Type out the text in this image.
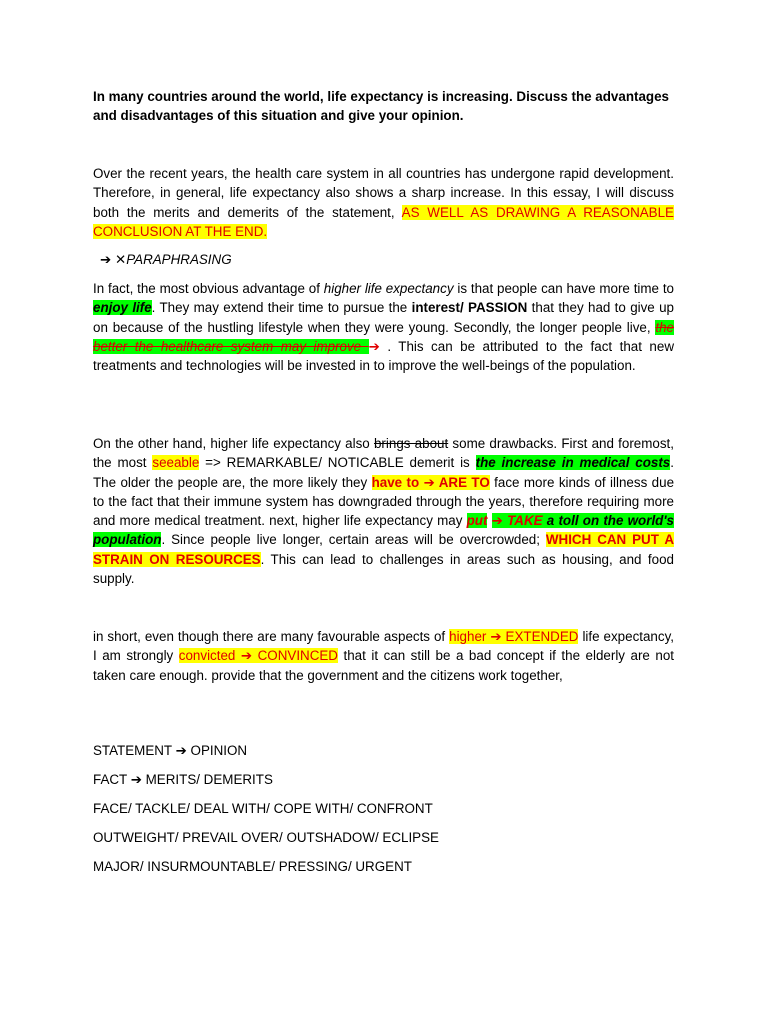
In many countries around the world, life expectancy is increasing. Discuss the advantages and disadvantages of this situation and give your opinion.
Over the recent years, the health care system in all countries has undergone rapid development. Therefore, in general, life expectancy also shows a sharp increase. In this essay, I will discuss both the merits and demerits of the statement, AS WELL AS DRAWING A REASONABLE CONCLUSION AT THE END.
➔ ✕PARAPHRASING
In fact, the most obvious advantage of higher life expectancy is that people can have more time to enjoy life. They may extend their time to pursue the interest/ PASSION that they had to give up on because of the hustling lifestyle when they were young. Secondly, the longer people live, the better the healthcare system may improve ➔ . This can be attributed to the fact that new treatments and technologies will be invested in to improve the well-beings of the population.
On the other hand, higher life expectancy also brings about some drawbacks. First and foremost, the most seeable => REMARKABLE/ NOTICABLE demerit is the increase in medical costs. The older the people are, the more likely they have to ➔ ARE TO face more kinds of illness due to the fact that their immune system has downgraded through the years, therefore requiring more and more medical treatment. next, higher life expectancy may put ➔ TAKE a toll on the world's population. Since people live longer, certain areas will be overcrowded; WHICH CAN PUT A STRAIN ON RESOURCES. This can lead to challenges in areas such as housing, and food supply.
in short, even though there are many favourable aspects of higher ➔ EXTENDED life expectancy, I am strongly convicted ➔ CONVINCED that it can still be a bad concept if the elderly are not taken care enough. provide that the government and the citizens work together,
STATEMENT ➔ OPINION
FACT ➔ MERITS/ DEMERITS
FACE/ TACKLE/ DEAL WITH/ COPE WITH/ CONFRONT
OUTWEIGHT/ PREVAIL OVER/ OUTSHADOW/ ECLIPSE
MAJOR/ INSURMOUNTABLE/ PRESSING/ URGENT
